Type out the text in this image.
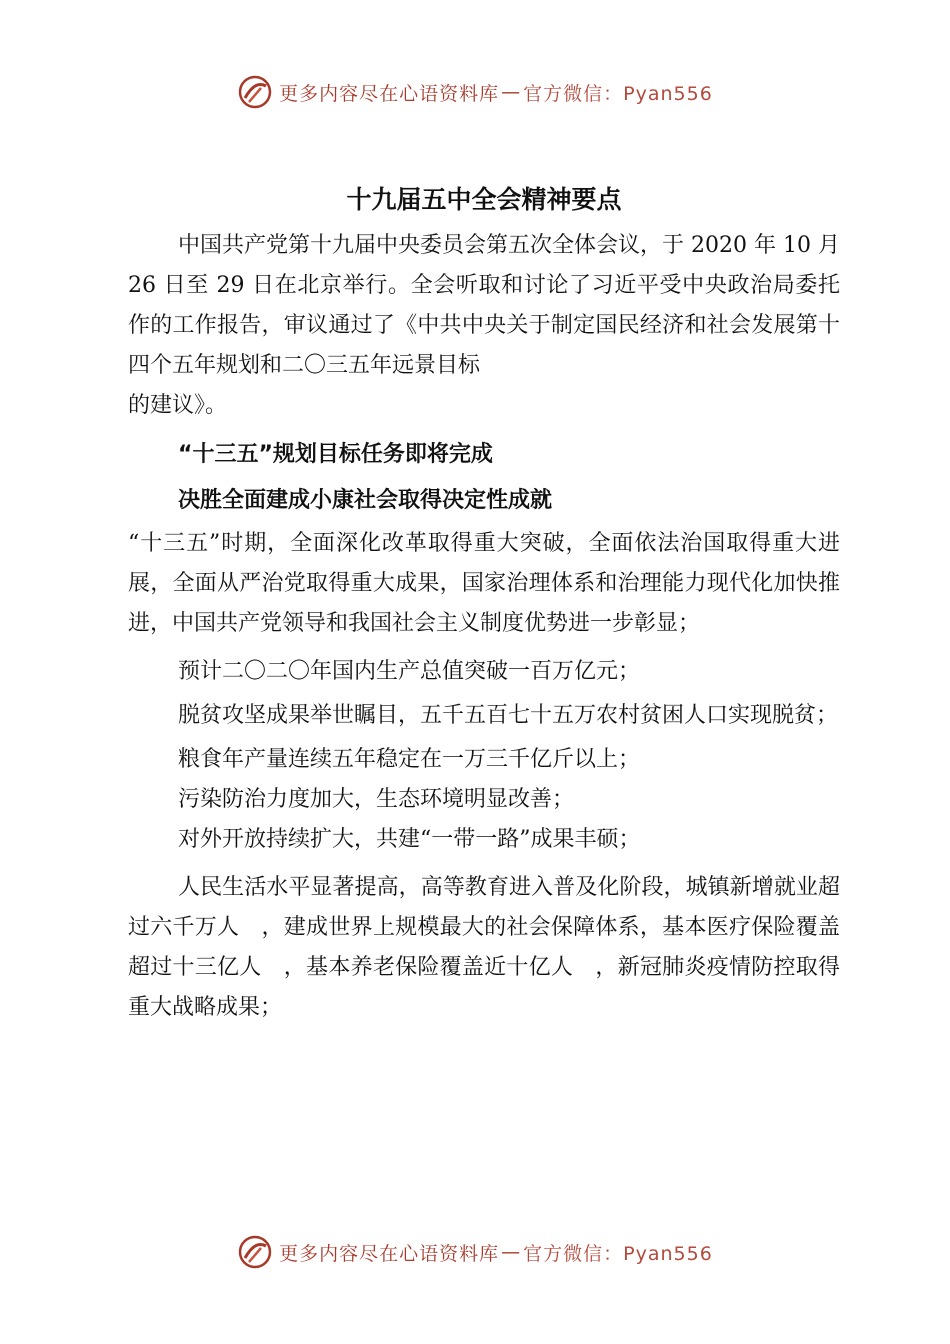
更多内容尽在心语资料库 — 官方微信：Pyan556
十九届五中全会精神要点

中国共产党第十九届中央委员会第五次全体会议，于 2020 年 10 月 26 日至 29 日在北京举行。全会听取和讨论了习近平受中央政治局委托作的工作报告，审议通过了《中共中央关于制定国民经济和社会发展第十四个五年规划和二〇三五年远景目标

的建议》。

“十三五”规划目标任务即将完成
决胜全面建成小康社会取得决定性成就

“十三五”时期，全面深化改革取得重大突破，全面依法治国取得重大进展，全面从严治党取得重大成果，国家治理体系和治理能力现代化加快推进，中国共产党领导和我国社会主义制度优势进一步彰显；

预计二〇二〇年国内生产总值突破一百万亿元；

脱贫攻坚成果举世瞩目，五千五百七十五万农村贫困人口实现脱贫；

粮食年产量连续五年稳定在一万三千亿斤以上；

污染防治力度加大，生态环境明显改善；

对外开放持续扩大，共建“一带一路”成果丰硕；

人民生活水平显著提高，高等教育进入普及化阶段，城镇新增就业超过六千万人　，建成世界上规模最大的社会保障体系，基本医疗保险覆盖超过十三亿人　，基本养老保险覆盖近十亿人　，新冠肺炎疫情防控取得重大战略成果；

更多内容尽在心语资料库 — 官方微信：Pyan556
